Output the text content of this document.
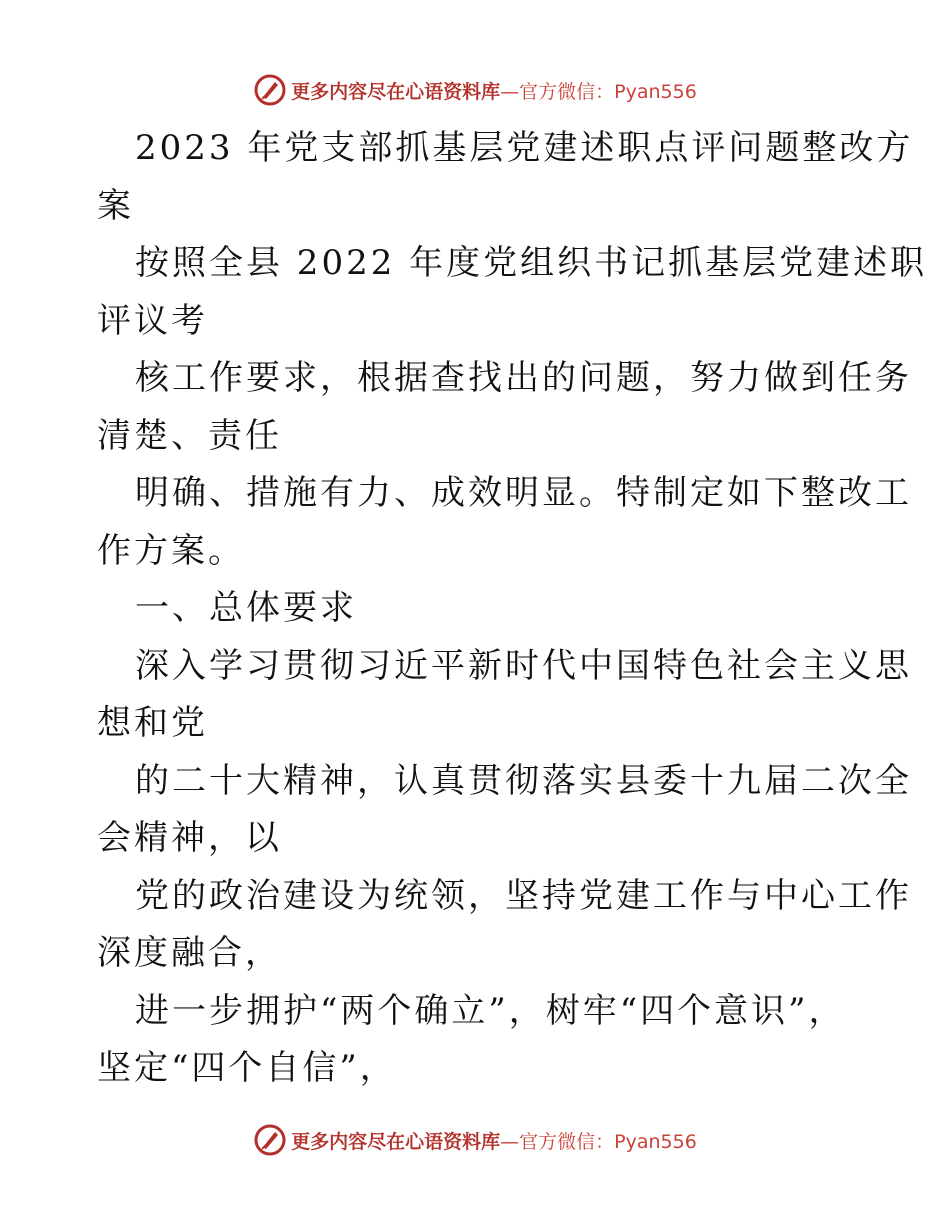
更多内容尽在心语资料库 —官方微信：Pyan556
2023 年党支部抓基层党建述职点评问题整改方
案
按照全县 2022 年度党组织书记抓基层党建述职
评议考
核工作要求，根据查找出的问题，努力做到任务
清楚、责任
明确、措施有力、成效明显。特制定如下整改工
作方案。
一、总体要求
深入学习贯彻习近平新时代中国特色社会主义思
想和党
的二十大精神，认真贯彻落实县委十九届二次全
会精神，以
党的政治建设为统领，坚持党建工作与中心工作
深度融合，
进一步拥护“两个确立”，树牢“四个意识”，
坚定“四个自信”，
更多内容尽在心语资料库 —官方微信：Pyan556
